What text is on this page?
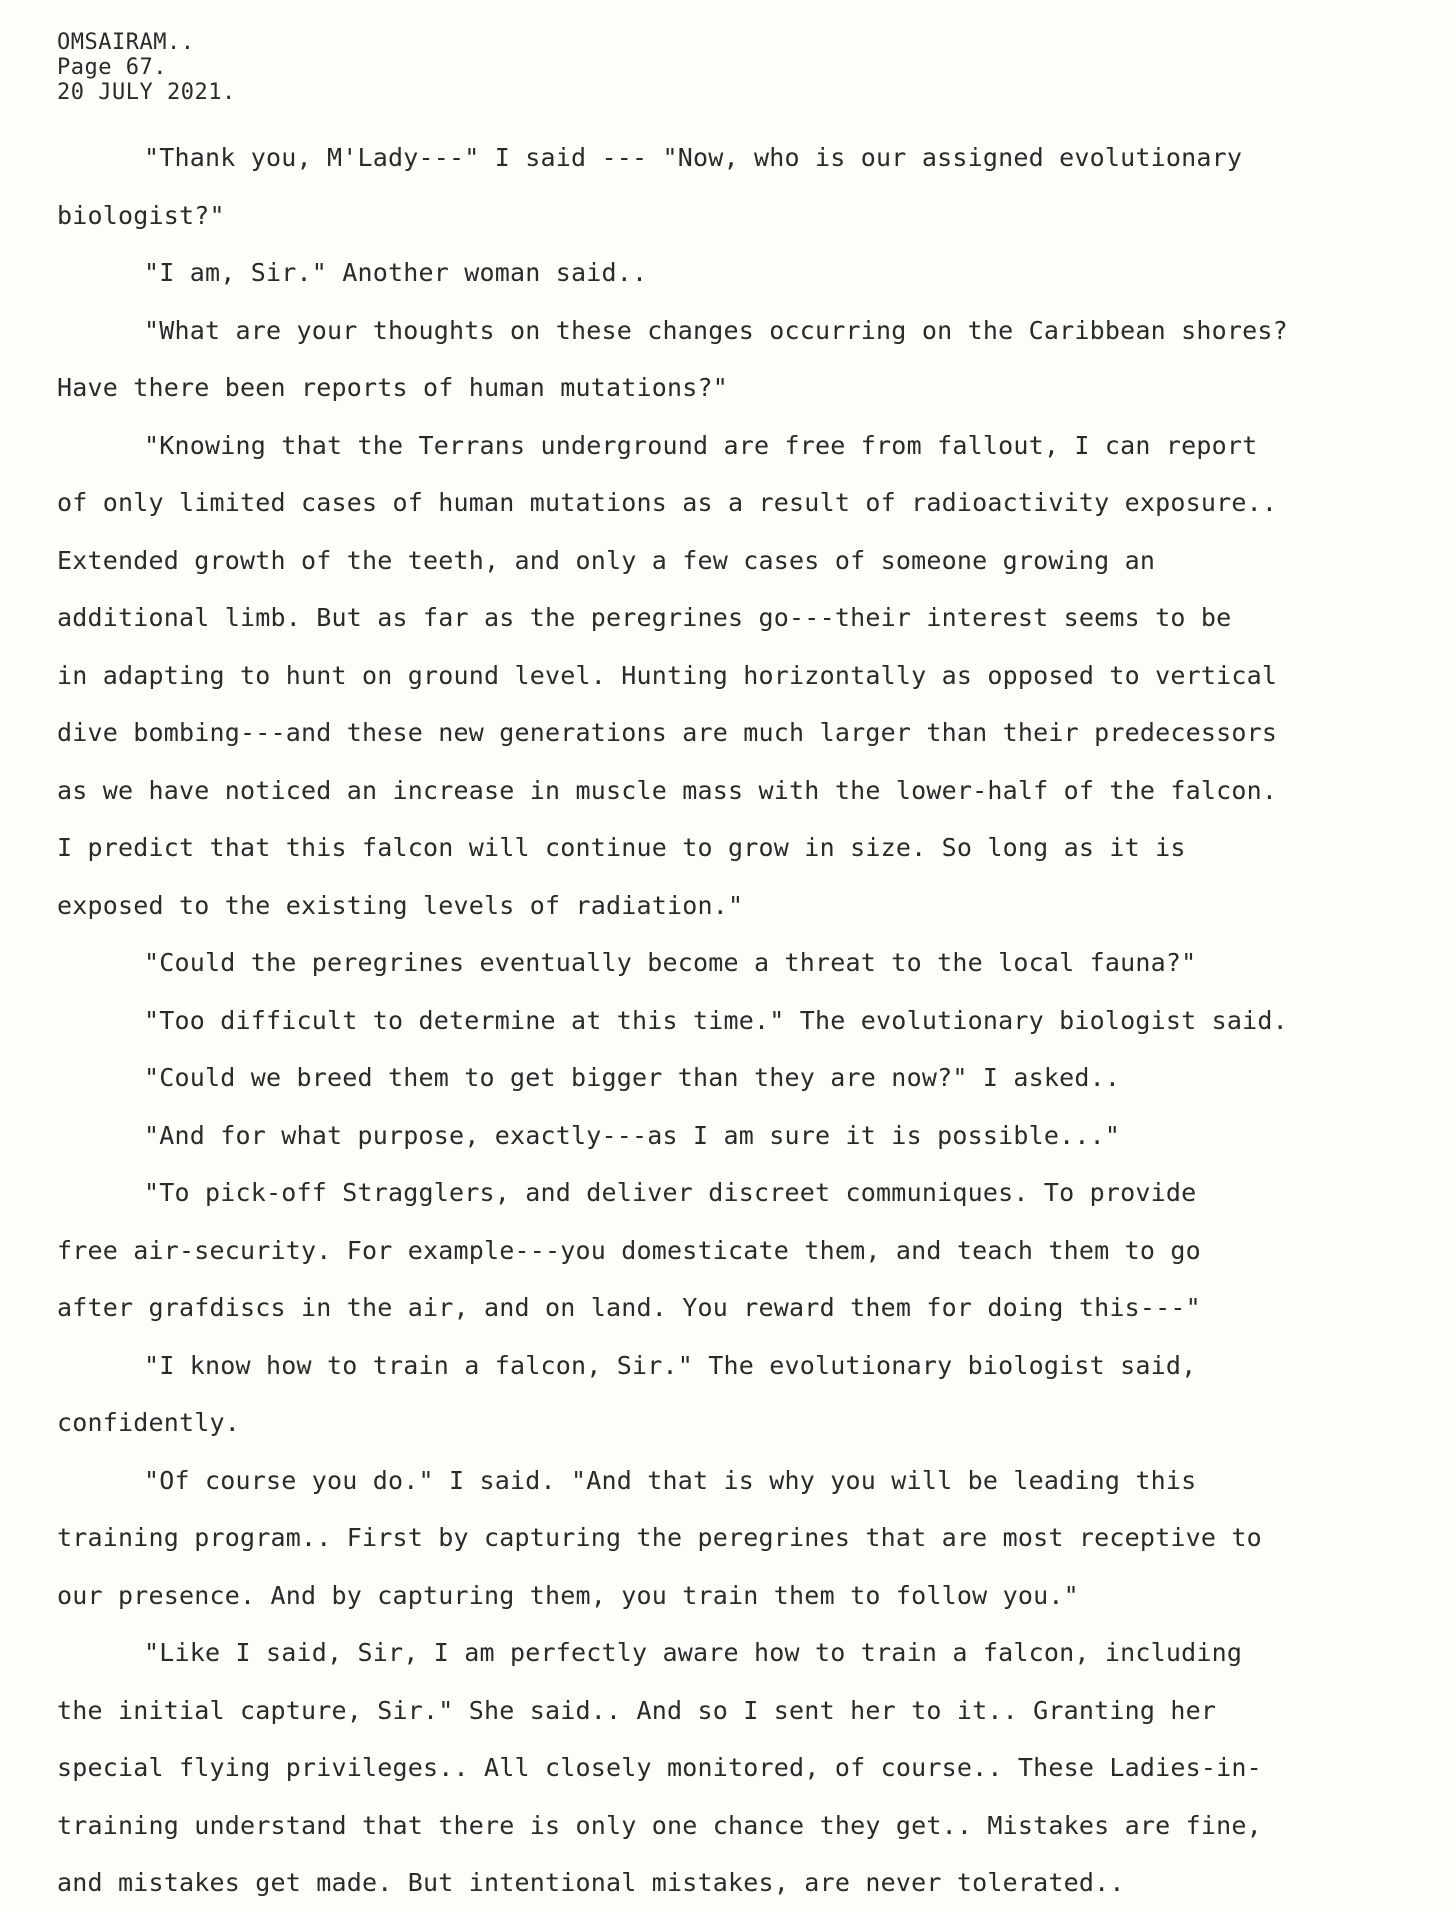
OMSAIRAM..
Page 67.
20 JULY 2021.

"Thank you, M'Lady---" I said --- "Now, who is our assigned evolutionary
biologist?"

"I am, Sir." Another woman said..

"What are your thoughts on these changes occurring on the Caribbean shores?
Have there been reports of human mutations?"

"Knowing that the Terrans underground are free from fallout, I can report
of only limited cases of human mutations as a result of radioactivity exposure..
Extended growth of the teeth, and only a few cases of someone growing an
additional limb. But as far as the peregrines go---their interest seems to be
in adapting to hunt on ground level. Hunting horizontally as opposed to vertical
dive bombing---and these new generations are much larger than their predecessors
as we have noticed an increase in muscle mass with the lower-half of the falcon.
I predict that this falcon will continue to grow in size. So long as it is
exposed to the existing levels of radiation."

"Could the peregrines eventually become a threat to the local fauna?"

"Too difficult to determine at this time." The evolutionary biologist said.

"Could we breed them to get bigger than they are now?" I asked..

"And for what purpose, exactly---as I am sure it is possible..."

"To pick-off Stragglers, and deliver discreet communiques. To provide
free air-security. For example---you domesticate them, and teach them to go
after grafdiscs in the air, and on land. You reward them for doing this---"

"I know how to train a falcon, Sir." The evolutionary biologist said,
confidently.

"Of course you do." I said. "And that is why you will be leading this
training program.. First by capturing the peregrines that are most receptive to
our presence. And by capturing them, you train them to follow you."

"Like I said, Sir, I am perfectly aware how to train a falcon, including
the initial capture, Sir." She said.. And so I sent her to it.. Granting her
special flying privileges.. All closely monitored, of course.. These Ladies-in-
training understand that there is only one chance they get.. Mistakes are fine,
and mistakes get made. But intentional mistakes, are never tolerated..
